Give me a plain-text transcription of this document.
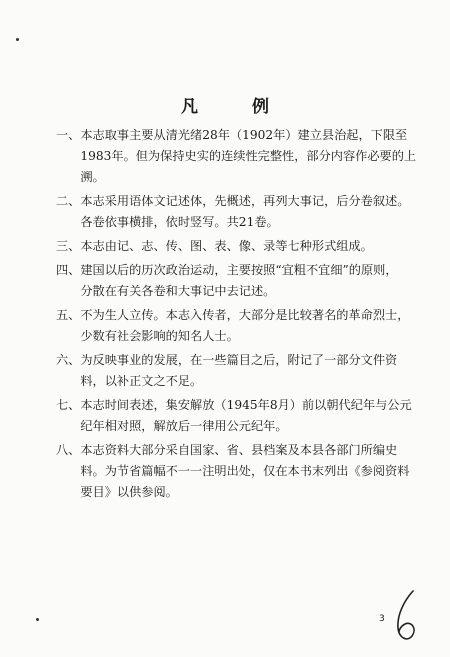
凡 例
一、 本志取事主要从清光绪28年（1902年）建立县治起，下限至
1983年。但为保持史实的连续性完整性，部分内容作必要的上
溯。
二、 本志采用语体文记述体，先概述，再列大事记，后分卷叙述。
各卷依事横排，依时竖写。共21卷。
三、 本志由记、志、传、图、表、像、录等七种形式组成。
四、 建国以后的历次政治运动，主要按照“宜粗不宜细”的原则，
分散在有关各卷和大事记中去记述。
五、 不为生人立传。本志入传者，大部分是比较著名的革命烈士，
少数有社会影响的知名人士。
六、 为反映事业的发展，在一些篇目之后，附记了一部分文件资
料，以补正文之不足。
七、 本志时间表述，集安解放（1945年8月）前以朝代纪年与公元
纪年相对照，解放后一律用公元纪年。
八、 本志资料大部分采自国家、省、县档案及本县各部门所编史
料。为节省篇幅不一一注明出处，仅在本书末列出《参阅资料
要目》以供参阅。
3
